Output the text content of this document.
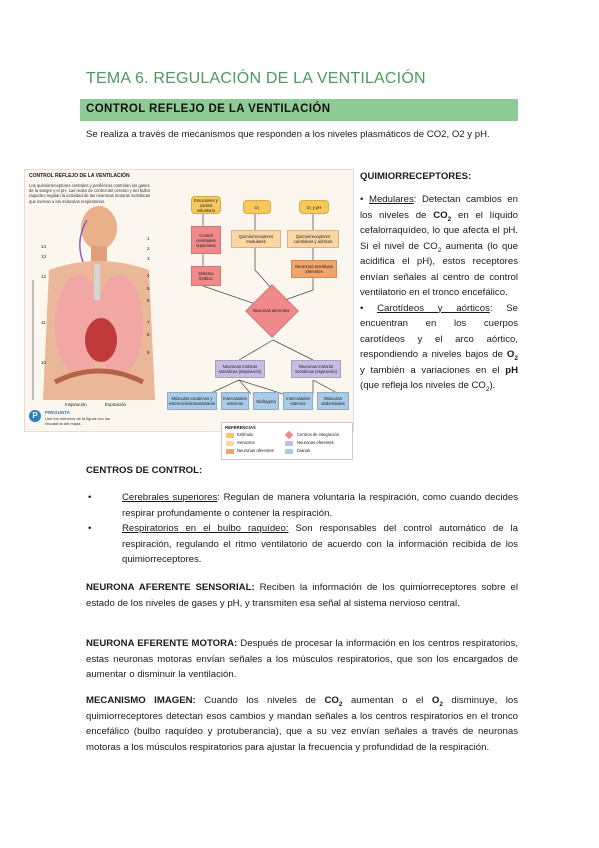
TEMA 6. REGULACIÓN DE LA VENTILACIÓN
CONTROL REFLEJO DE LA VENTILACIÓN
Se realiza a través de mecanismos que responden a los niveles plasmáticos de CO2, O2 y pH.
CONTROL REFLEJO DE LA VENTILACIÓN
Los quimiorreceptores centrales y periféricos controlan los gases de la sangre y el pH. Las redes de control del cerebro y del bulbo raquídeo regulan la actividad de las neuronas motoras somáticas que inervan a los músculos respiratorios.
1
2
3
4
5
6
7
8
9
10
11
12
13
14
Inspiración	Espiración
P	PREGUNTA
Une los números de la figura con los recuadros del mapa.
Emociones y control voluntario
O₂	O₂ y pH
Control cerebrales superiores
Quimiorreceptores medulares
Quimiorreceptores carotídeos y aórticos
Sistema límbico
Neuronas sensitivas aferentes
Neuronas aferentes
Neuronas motoras somáticas (inspiración)
Neuronas motoras somáticas (espiración)
Músculos escalenos y esternocleidomastoideos
Intercostales externos	Diafragma	Intercostales internos
Músculos abdominales
REFERENCIAS
Estímulo
Sensores
Neuronas aferentes
Centros de integración
Neuronas eferentes
Dianas
QUIMIORRECEPTORES:
• Medulares: Detectan cambios en los niveles de $CO_2$ en el líquido cefalorraquídeo, lo que afecta el pH. Si el nivel de $CO_2$ aumenta (lo que acidifica el pH), estos receptores envían señales al centro de control ventilatorio en el tronco encefálico.
• Carotídeos y aórticos: Se encuentran en los cuerpos carotídeos y el arco aórtico, respondiendo a niveles bajos de $O_2$ y también a variaciones en el pH (que refleja los niveles de $CO_2$).
CENTROS DE CONTROL:
•	Cerebrales superiores: Regulan de manera voluntaria la respiración, como cuando decides respirar profundamente o contener la respiración.
•	Respiratorios en el bulbo raquídeo: Son responsables del control automático de la respiración, regulando el ritmo ventilatorio de acuerdo con la información recibida de los quimiorreceptores.
NEURONA AFERENTE SENSORIAL: Reciben la información de los quimiorreceptores sobre el estado de los niveles de gases y pH, y transmiten esa señal al sistema nervioso central.
NEURONA EFERENTE MOTORA: Después de procesar la información en los centros respiratorios, estas neuronas motoras envían señales a los músculos respiratorios, que son los encargados de aumentar o disminuir la ventilación.
MECANISMO IMAGEN: Cuando los niveles de $CO_2$ aumentan o el $O_2$ disminuye, los quimiorreceptores detectan esos cambios y mandan señales a los centros respiratorios en el tronco encefálico (bulbo raquídeo y protuberancia), que a su vez envían señales a través de neuronas motoras a los músculos respiratorios para ajustar la frecuencia y profundidad de la respiración.
